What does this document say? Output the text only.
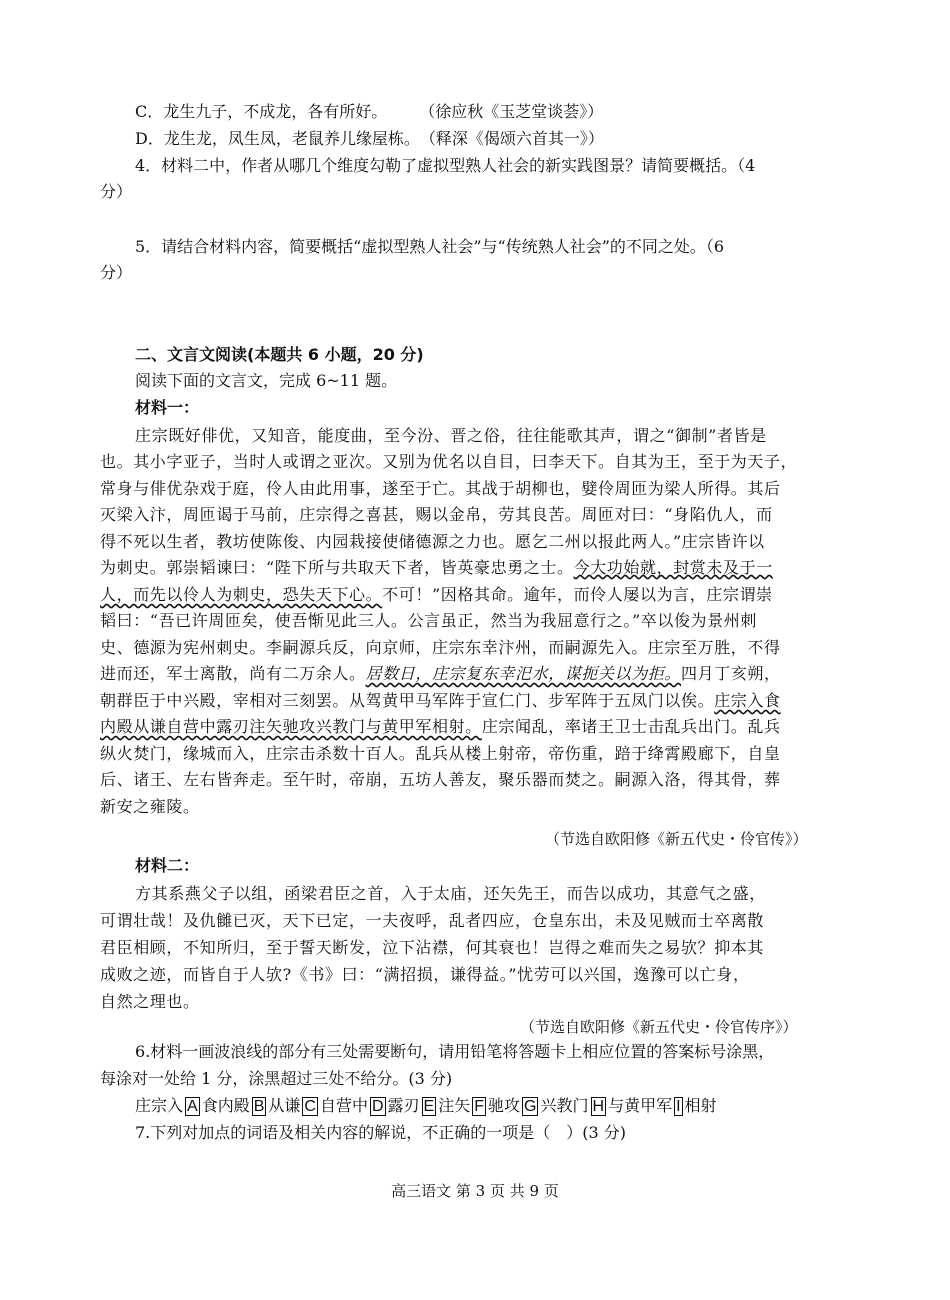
C．龙生九子，不成龙，各有所好。　　　（徐应秋《玉芝堂谈荟》）
D．龙生龙，凤生凤，老鼠养儿缘屋栋。　（释深《偈颂六首其一》）
4．材料二中，作者从哪几个维度勾勒了虚拟型熟人社会的新实践图景？请简要概括。（4
分）
5．请结合材料内容，简要概括“虚拟型熟人社会”与“传统熟人社会”的不同之处。（6
分）
二、文言文阅读(本题共 6 小题，20 分)
阅读下面的文言文，完成 6~11 题。
材料一：
庄宗既好俳优，又知音，能度曲，至今汾、晋之俗，往往能歌其声，谓之“御制”者皆是
也。其小字亚子，当时人或谓之亚次。又别为优名以自目，曰李天下。自其为王，至于为天子，
常身与俳优杂戏于庭，伶人由此用事，遂至于亡。其战于胡柳也，嬖伶周匝为梁人所得。其后
灭梁入汴，周匝谒于马前，庄宗得之喜甚，赐以金帛，劳其良苦。周匝对曰：“身陷仇人，而
得不死以生者，教坊使陈俊、内园栽接使储德源之力也。愿乞二州以报此两人。”庄宗皆许以
为刺史。郭崇韬谏曰：“陛下所与共取天下者，皆英豪忠勇之士。今大功始就，封赏未及于一
人，而先以伶人为刺史，恐失天下心。不可！”因格其命。逾年，而伶人屡以为言，庄宗谓崇
韬曰：“吾已许周匝矣，使吾惭见此三人。公言虽正，然当为我屈意行之。”卒以俊为景州刺
史、德源为宪州刺史。李嗣源兵反，向京师，庄宗东幸汴州，而嗣源先入。庄宗至万胜，不得
进而还，军士离散，尚有二万余人。居数日，庄宗复东幸汜水，谋扼关以为拒。四月丁亥朔，
朝群臣于中兴殿，宰相对三刻罢。从驾黄甲马军阵于宣仁门、步军阵于五凤门以俟。庄宗入食
内殿从谦自营中露刃注矢驰攻兴教门与黄甲军相射。庄宗闻乱，率诸王卫士击乱兵出门。乱兵
纵火焚门，缘城而入，庄宗击杀数十百人。乱兵从楼上射帝，帝伤重，踣于绛霄殿廊下，自皇
后、诸王、左右皆奔走。至午时，帝崩，五坊人善友，聚乐器而焚之。嗣源入洛，得其骨，葬
新安之雍陵。
（节选自欧阳修《新五代史・伶官传》）
材料二：
方其系燕父子以组，函梁君臣之首，入于太庙，还矢先王，而告以成功，其意气之盛，
可谓壮哉！及仇雠已灭，天下已定，一夫夜呼，乱者四应，仓皇东出，未及见贼而士卒离散
君臣相顾，不知所归，至于誓天断发，泣下沾襟，何其衰也！岂得之难而失之易欤？抑本其
成败之迹，而皆自于人欤?《书》曰：“满招损，谦得益。”忧劳可以兴国，逸豫可以亡身，
自然之理也。
（节选自欧阳修《新五代史・伶官传序》）
6.材料一画波浪线的部分有三处需要断句，请用铅笔将答题卡上相应位置的答案标号涂黑，
每涂对一处给 1 分，涂黑超过三处不给分。(3 分)
庄宗入 A 食内殿 B 从谦 C 自营中 D 露刃 E 注矢 F 驰攻 G 兴教门 H 与黄甲军 I 相射
7.下列对加点的词语及相关内容的解说，不正确的一项是（　）(3 分)
高三语文 第 3 页 共 9 页
